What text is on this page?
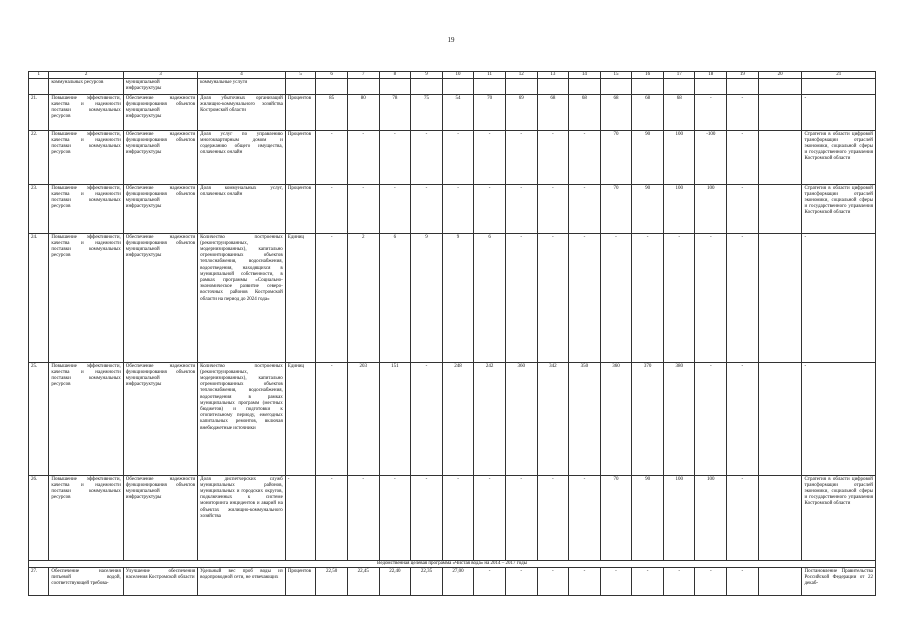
19
1	2	3	4	5	6	7	8	9	10	11	12	13	14	15	16	17	18	19	20	21
	коммунальных ресурсов	муниципальной инфраструктуры	коммунальные услуги																	
21.	Повышение эффективности, качества и надежности поставки коммунальных ресурсов	Обеспечение надежности функционирования объектов муниципальной инфраструктуры	Доля убыточных организаций жилищно-коммунального хозяйства Костромской области	Процентов	85	80	78	75	54	70	69	68	68	68	68	68	-	-		-
22.	Повышение эффективности, качества и надежности поставки коммунальных ресурсов	Обеспечение надежности функционирования объектов муниципальной инфраструктуры	Доля услуг по управлению многоквартирным домом и содержанию общего имущества, оплаченных онлайн	Процентов	-	-	-	-	-	-	-	-	-	70	90	100	-100	-		Стратегия в области цифровой трансформации отраслей экономики, социальной сферы и государственного управления Костромской области
23.	Повышение эффективности, качества и надежности поставки коммунальных ресурсов	Обеспечение надежности функционирования объектов муниципальной инфраструктуры	Доля коммунальных услуг, оплаченных онлайн	Процентов	-	-	-	-	-	-	-	-	-	70	90	100	100	-		Стратегия в области цифровой трансформации отраслей экономики, социальной сферы и государственного управления Костромской области
24.	Повышение эффективности, качества и надежности поставки коммунальных ресурсов	Обеспечение надежности функционирования объектов муниципальной инфраструктуры	Количество построенных (реконструированных, модернизированных), капитально отремонтированных объектов теплоснабжения, водоснабжения, водоотведения, находящихся в муниципальной собственности, в рамках программы «Социально-экономическое развитие северо-восточных районов Костромской области на период до 2024 года»	Единиц	-	2	6	9	9	6	-	-	-	-	-	-	-	-		-
25.	Повышение эффективности, качества и надежности поставки коммунальных ресурсов	Обеспечение надежности функционирования объектов муниципальной инфраструктуры	Количество построенных (реконструированных, модернизированных), капитально отремонтированных объектов теплоснабжения, водоснабжения, водоотведения в рамках муниципальных программ (местных бюджетов) и подготовки к отопительному периоду, ежегодных капитальных ремонтов, включая внебюджетные источники	Единиц	-	203	151	-	248	242	360	342	350	360	370	380	-	-		-
26.	Повышение эффективности, качества и надежности поставки коммунальных ресурсов	Обеспечение надежности функционирования объектов муниципальной инфраструктуры	Доля диспетчерских служб муниципальных районов, муниципальных и городских округов, подключенных к системе мониторинга инцидентов и аварий на объектах жилищно-коммунального хозяйства	-	-	-	-	-	-	-	-	-	-	70	90	100	100	-		Стратегия в области цифровой трансформации отраслей экономики, социальной сферы и государственного управления Костромской области
Ведомственная целевая программа «Чистая вода» на 2014 – 2017 годы																				
27.	Обеспечение населения питьевой водой, соответствующей требова-	Улучшение обеспечения населения Костромской области	Удельный вес проб воды из водопроводной сети, не отвечающих	Процентов	22,50	22,45	22,40	22,35	27,00	-	-	-	-	-	-	-	-	-		Постановление Правительства Российской Федерации от 22 декаб-
